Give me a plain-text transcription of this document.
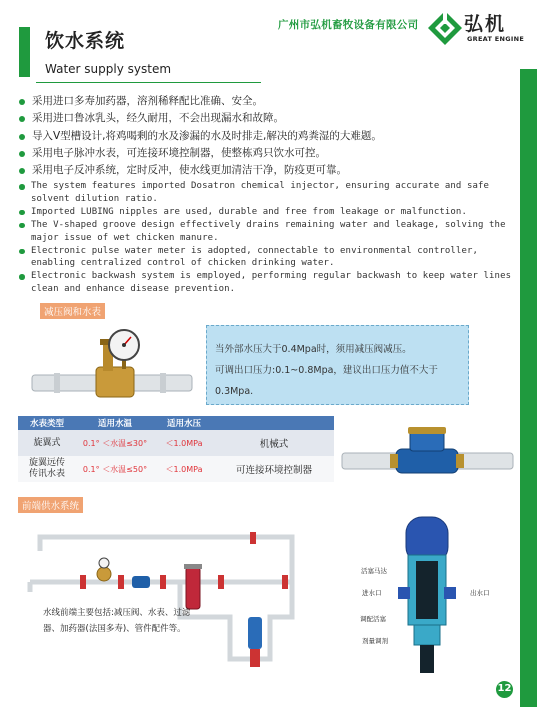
饮水系统
Water supply system
广州市弘机畜牧设备有限公司 弘机
GREAT ENGINE
采用进口多寿加药器，溶剂稀释配比准确、安全。
采用进口鲁冰乳头，经久耐用，不会出现漏水和故障。
导入V型槽设计,将鸡喝剩的水及渗漏的水及时排走,解决的鸡粪湿的大难题。
采用电子脉冲水表，可连接环境控制器，使整栋鸡只饮水可控。
采用电子反冲系统，定时反冲，使水线更加清洁干净，防疫更可靠。
The system features imported Dosatron chemical injector, ensuring accurate and safe solvent dilution ratio.
Imported LUBING nipples are used, durable and free from leakage or malfunction.
The V-shaped groove design effectively drains remaining water and leakage, solving the major issue of wet chicken manure.
Electronic pulse water meter is adopted, connectable to environmental controller, enabling centralized control of chicken drinking water.
Electronic backwash system is employed, performing regular backwash to keep water lines clean and enhance disease prevention.
减压阀和水表
当外部水压大于0.4Mpa时，须用减压阀减压。
可调出口压力:0.1~0.8Mpa，建议出口压力值不大于
0.3Mpa.
水表类型	适用水温	适用水压	
旋翼式	0.1° ＜水温≤30°	＜1.0MPa	机械式
旋翼远传
传讯水表	0.1° ＜水温≤50°	＜1.0MPa	可连接环境控制器
前端供水系统
水线前端主要包括:减压阀、水表、过滤器、加药器(法国多寿)、管件配件等。
活塞马达
进水口	出水口
调配活塞
剂量调剂
12
